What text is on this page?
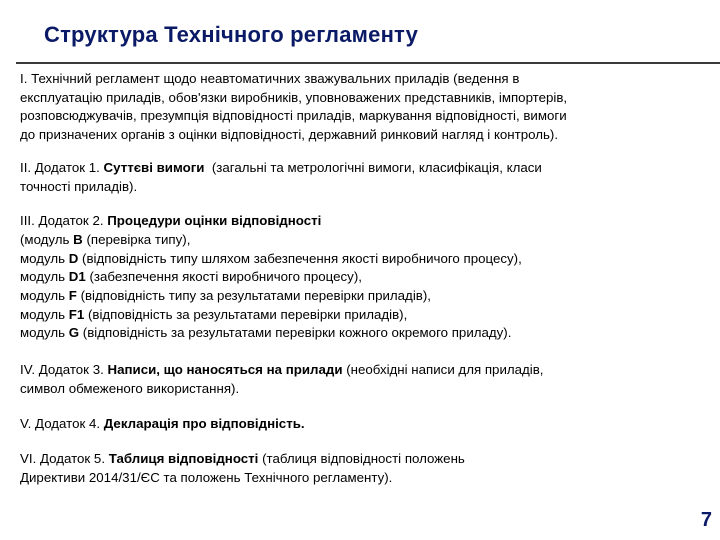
Структура Технічного регламенту
I. Технічний регламент щодо неавтоматичних зважувальних приладів (ведення в
експлуатацію приладів, обов'язки виробників, уповноважених представників, імпортерів,
розповсюджувачів, презумпція відповідності приладів, маркування відповідності, вимоги
до призначених органів з оцінки відповідності, державний ринковий нагляд і контроль).
II. Додаток 1. Суттєві вимоги  (загальні та метрологічні вимоги, класифікація, класи
точності приладів).
III. Додаток 2. Процедури оцінки відповідності
(модуль B (перевірка типу),
модуль D (відповідність типу шляхом забезпечення якості виробничого процесу),
модуль D1 (забезпечення якості виробничого процесу),
модуль F (відповідність типу за результатами перевірки приладів),
модуль F1 (відповідність за результатами перевірки приладів),
модуль G (відповідність за результатами перевірки кожного окремого приладу).
IV. Додаток 3. Написи, що наносяться на прилади (необхідні написи для приладів,
символ обмеженого використання).
V. Додаток 4. Декларація про відповідність.
VI. Додаток 5. Таблиця відповідності (таблиця відповідності положень
Директиви 2014/31/ЄС та положень Технічного регламенту).
7
